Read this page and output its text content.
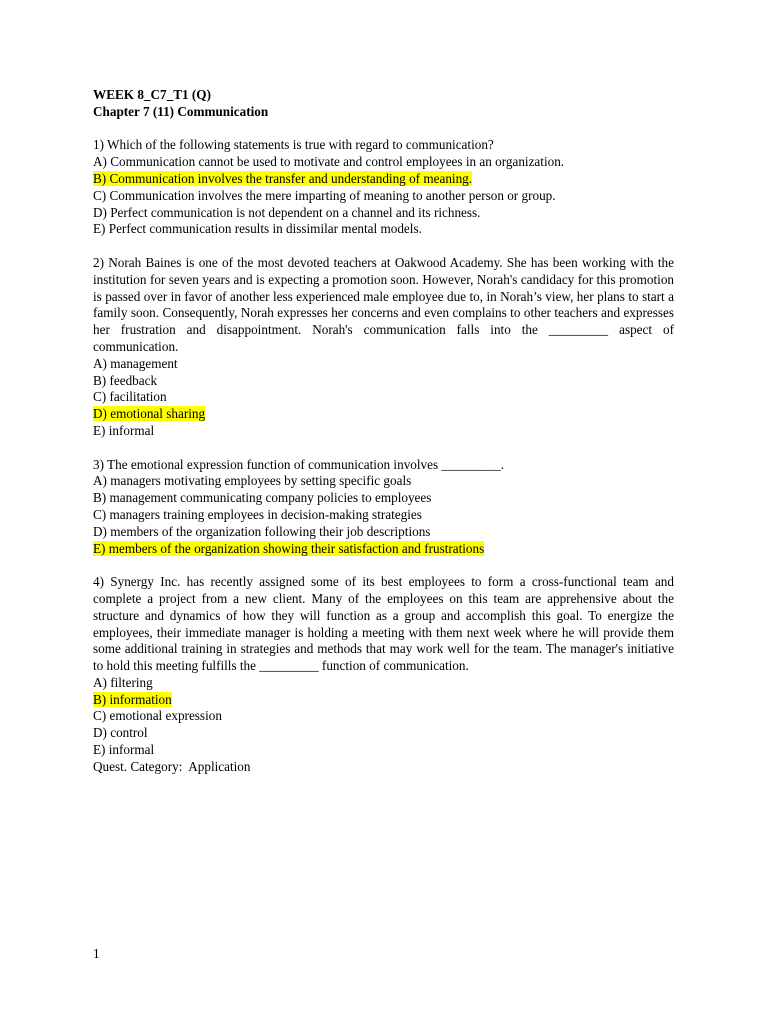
WEEK 8_C7_T1 (Q)
Chapter 7 (11) Communication
1) Which of the following statements is true with regard to communication?
A) Communication cannot be used to motivate and control employees in an organization.
B) Communication involves the transfer and understanding of meaning.
C) Communication involves the mere imparting of meaning to another person or group.
D) Perfect communication is not dependent on a channel and its richness.
E) Perfect communication results in dissimilar mental models.
2) Norah Baines is one of the most devoted teachers at Oakwood Academy. She has been working with the institution for seven years and is expecting a promotion soon. However, Norah's candidacy for this promotion is passed over in favor of another less experienced male employee due to, in Norah’s view, her plans to start a family soon. Consequently, Norah expresses her concerns and even complains to other teachers and expresses her frustration and disappointment. Norah's communication falls into the _________ aspect of communication.
A) management
B) feedback
C) facilitation
D) emotional sharing
E) informal
3) The emotional expression function of communication involves _________.
A) managers motivating employees by setting specific goals
B) management communicating company policies to employees
C) managers training employees in decision-making strategies
D) members of the organization following their job descriptions
E) members of the organization showing their satisfaction and frustrations
4) Synergy Inc. has recently assigned some of its best employees to form a cross-functional team and complete a project from a new client. Many of the employees on this team are apprehensive about the structure and dynamics of how they will function as a group and accomplish this goal. To energize the employees, their immediate manager is holding a meeting with them next week where he will provide them some additional training in strategies and methods that may work well for the team. The manager's initiative to hold this meeting fulfills the _________ function of communication.
A) filtering
B) information
C) emotional expression
D) control
E) informal
Quest. Category:  Application
1
